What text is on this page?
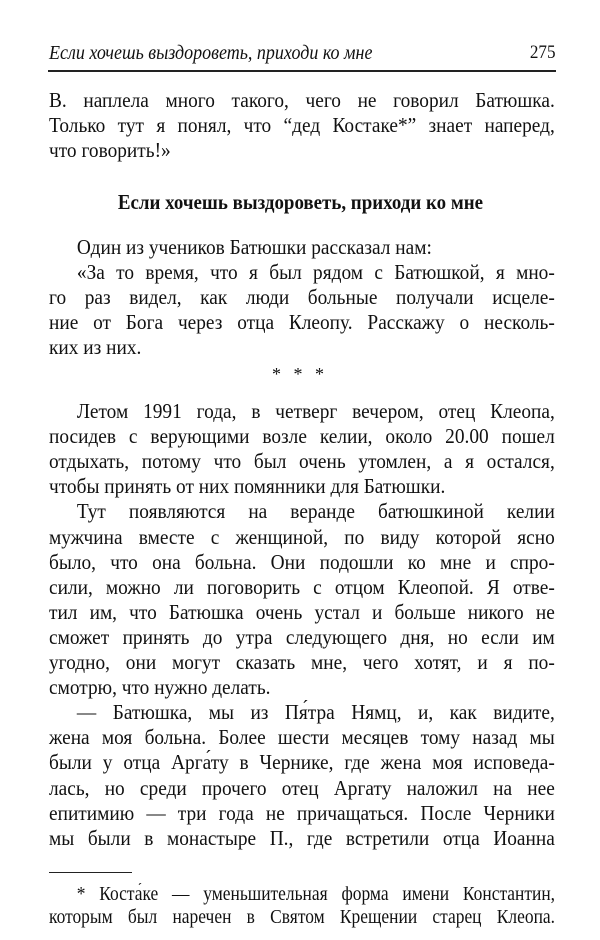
Если хочешь выздороветь, приходи ко мне	275
В. наплела много такого, чего не говорил Батюшка.
Только тут я понял, что “дед Костаке*” знает наперед,
что говорить!»
Если хочешь выздороветь, приходи ко мне
Один из учеников Батюшки рассказал нам:
«За то время, что я был рядом с Батюшкой, я мно-
го раз видел, как люди больные получали исцеле-
ние от Бога через отца Клеопу. Расскажу о несколь-
ких из них.
* * *
Летом 1991 года, в четверг вечером, отец Клеопа,
посидев с верующими возле келии, около 20.00 пошел
отдыхать, потому что был очень утомлен, а я остался,
чтобы принять от них помянники для Батюшки.
Тут появляются на веранде батюшкиной келии
мужчина вместе с женщиной, по виду которой ясно
было, что она больна. Они подошли ко мне и спро-
сили, можно ли поговорить с отцом Клеопой. Я отве-
тил им, что Батюшка очень устал и больше никого не
сможет принять до утра следующего дня, но если им
угодно, они могут сказать мне, чего хотят, и я по-
смотрю, что нужно делать.
— Батюшка, мы из Пя́тра Нямц, и, как видите,
жена моя больна. Более шести месяцев тому назад мы
были у отца Арга́ту в Чернике, где жена моя исповеда-
лась, но среди прочего отец Аргату наложил на нее
епитимию — три года не причащаться. После Черники
мы были в монастыре П., где встретили отца Иоанна
* Коста́ке — уменьшительная форма имени Константин,
которым был наречен в Святом Крещении старец Клеопа.
